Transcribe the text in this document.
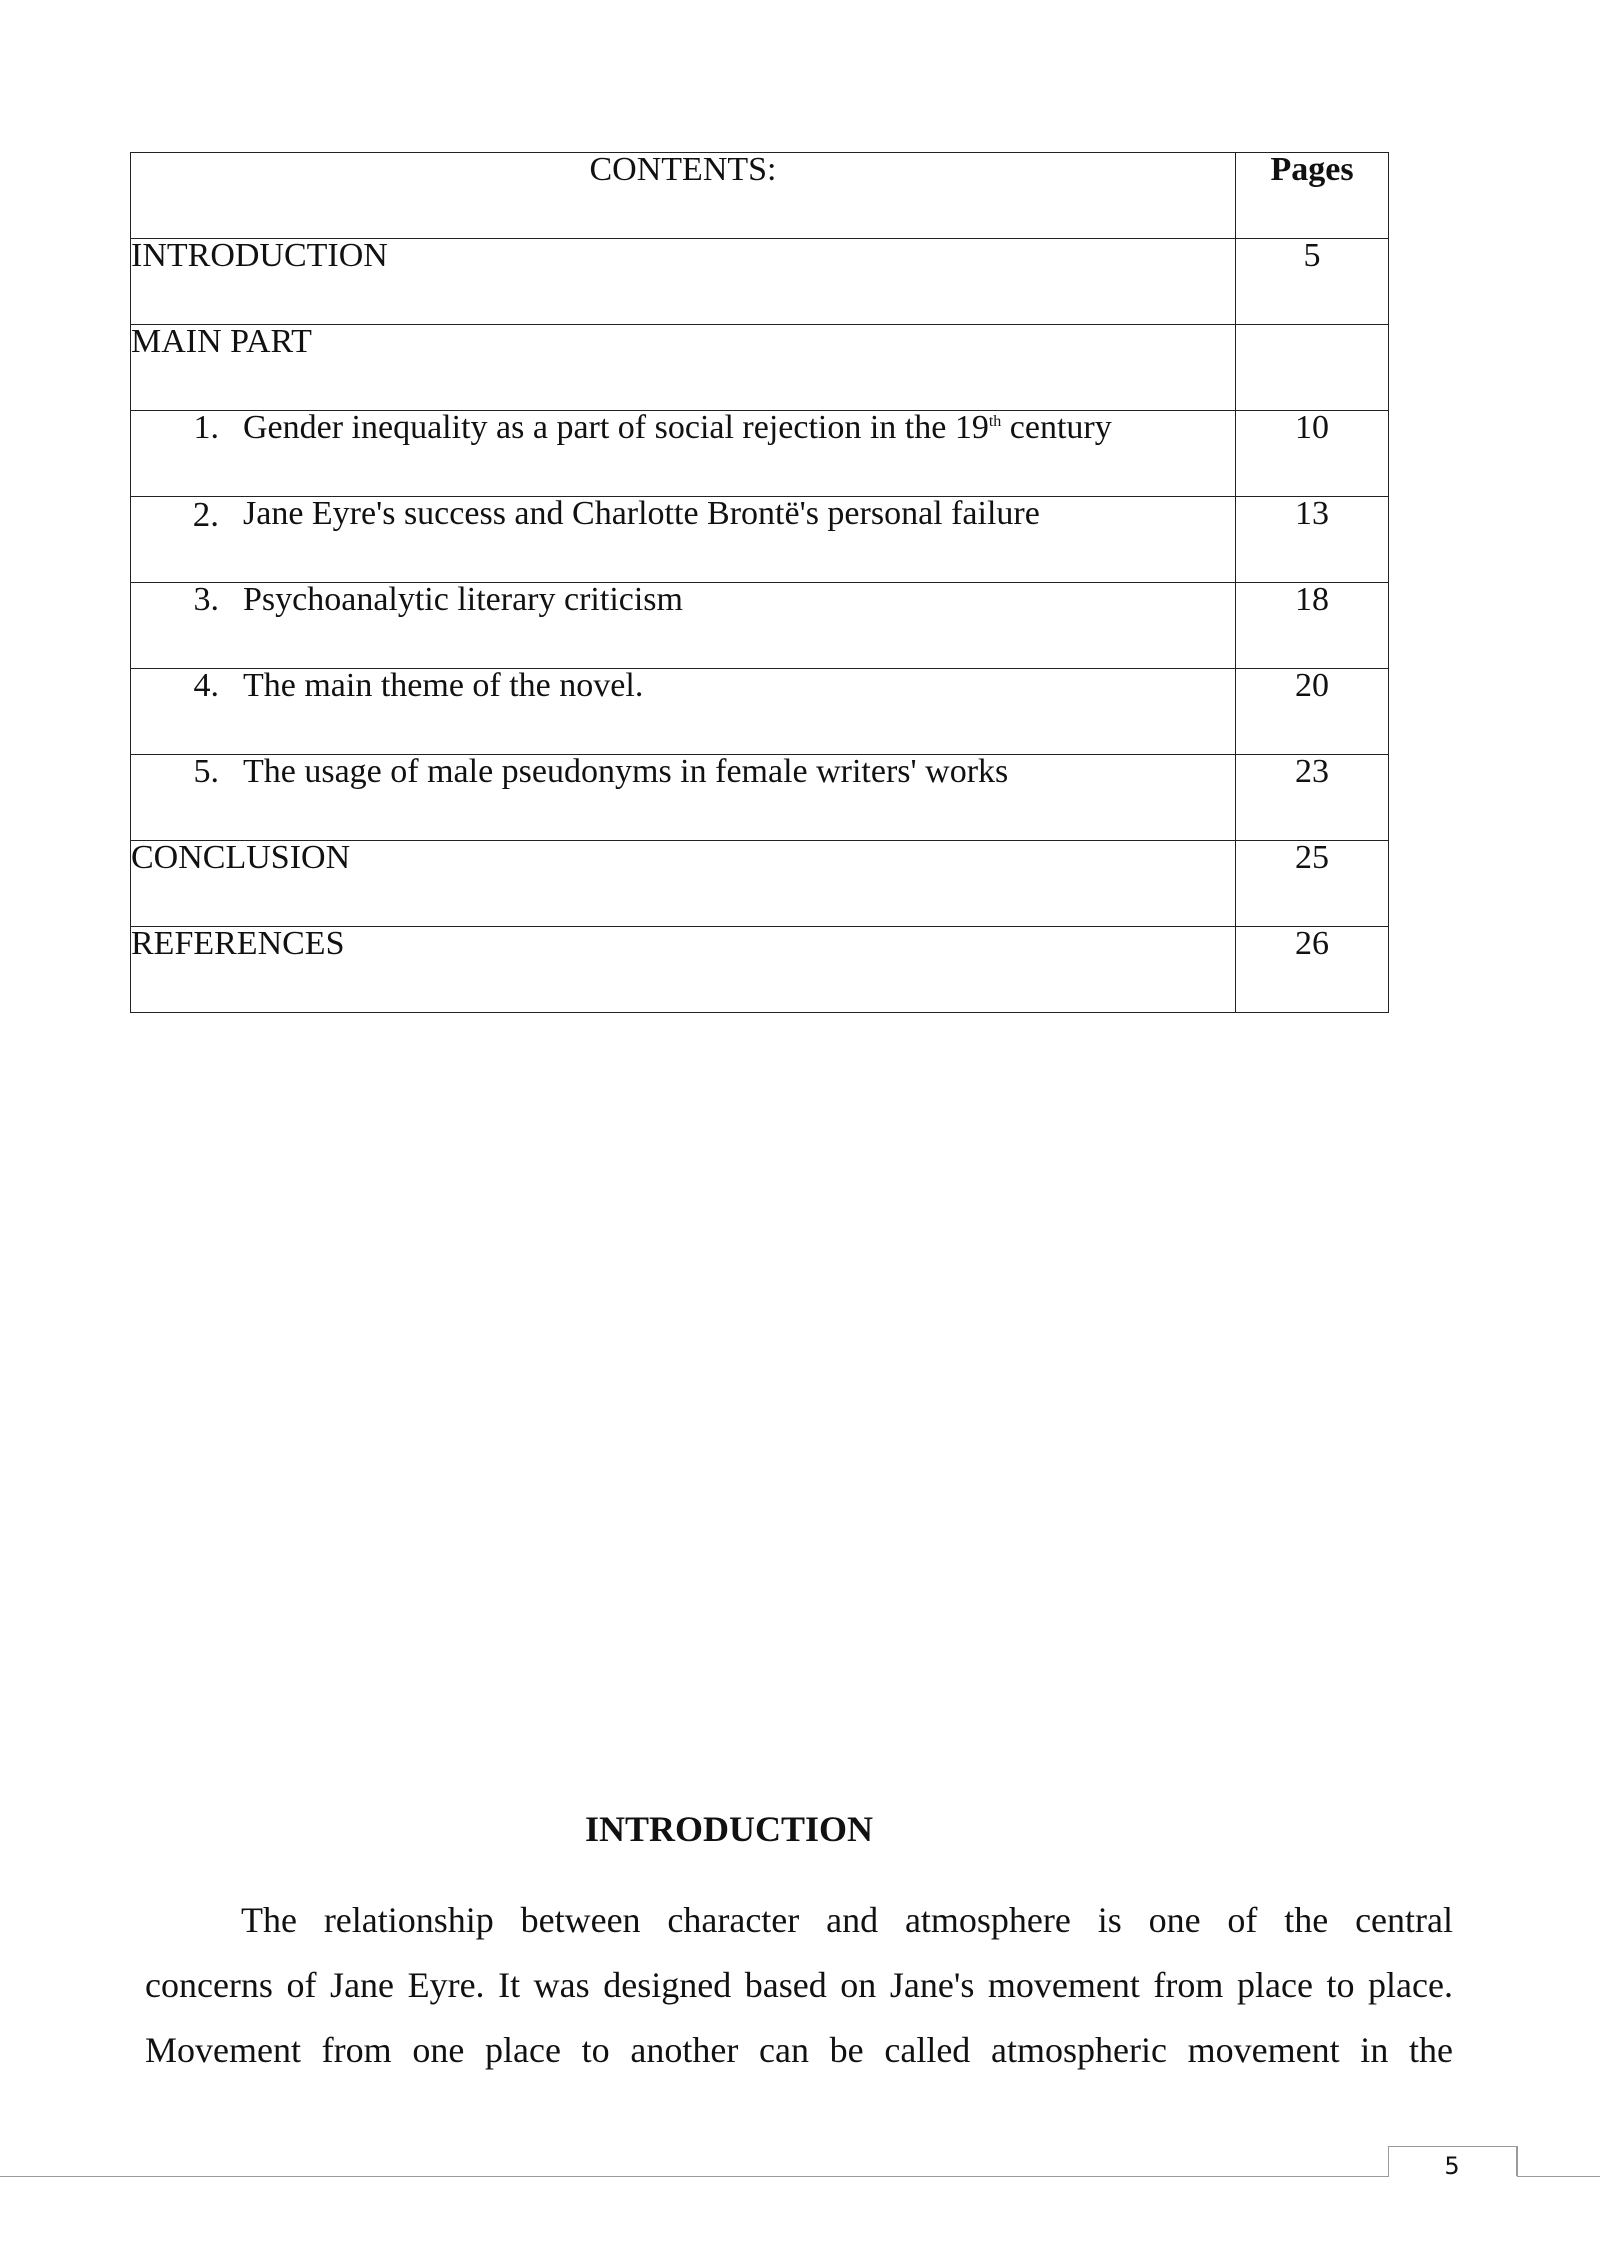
CONTENTS:	Pages
INTRODUCTION	5
MAIN PART	

1. Gender inequality as a part of social rejection in the 19th century	10

2. Jane Eyre's success and Charlotte Brontë's personal failure	13

3. Psychoanalytic literary criticism	18

4. The main theme of the novel.	20

5. The usage of male pseudonyms in female writers' works	23
CONCLUSION	25
REFERENCES	26
INTRODUCTION
The relationship between character and atmosphere is one of the central
concerns of Jane Eyre. It was designed based on Jane's movement from place to place.
Movement from one place to another can be called atmospheric movement in the
5
